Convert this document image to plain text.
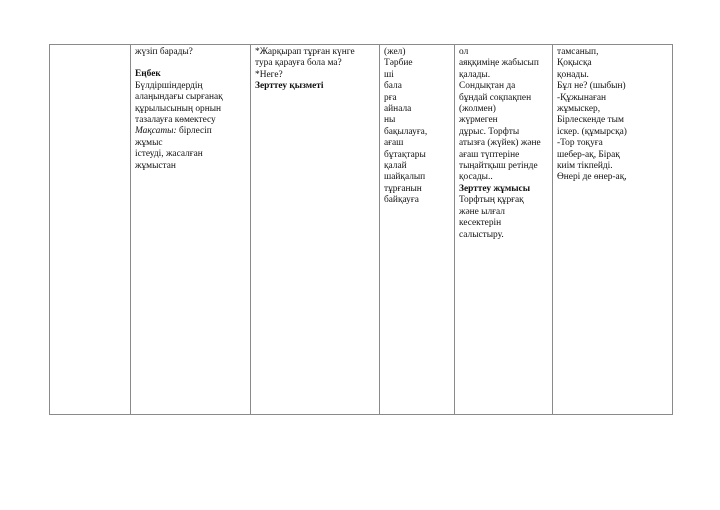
жүзіп барады?
Еңбек
Бүлдіршіндердің
алаңындағы сырғанақ
құрылысының орнын
тазалауға көмектесу
Мақсаты: бірлесіп
жұмыс
істеуді, жасалған
жұмыстан

*Жарқырап тұрған күнге
тура қарауға бола ма?
*Неге?
Зерттеу қызметі

(жел)
Тәрбие
ші
бала
рға
айнала
ны
бақылауға,
ағаш
бұтақтары
қалай
шайқалып
тұрғанын
байқауға

ол
аяққиміңе жабысып
қалады.
Сондықтан да
бұндай соқпақпен
(жолмен)
жүрмеген
дұрыс. Торфты
атызға (жүйек) және
ағаш түптеріне
тыңайтқыш ретінде
қосады..
Зерттеу жұмысы
Торфтың құрғақ
және ылғал
кесектерін
салыстыру.

тамсанып,
Қоқысқа
қонады.
Бұл не? (шыбын)
-Құжынаған
жұмыскер,
Бірлескенде тым
іскер. (құмырсқа)
-Тор тоқуға
шебер-ақ, Бірақ
киім тікпейді.
Өнері де өнер-ақ,
